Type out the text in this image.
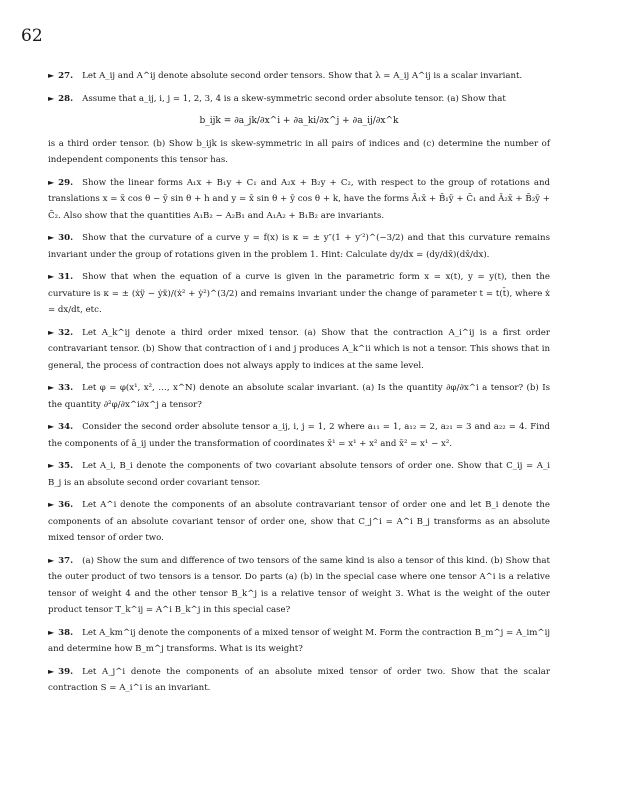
62
► 27. Let A_ij and A^ij denote absolute second order tensors. Show that λ = A_ij A^ij is a scalar invariant.
► 28. Assume that a_ij, i, j = 1, 2, 3, 4 is a skew-symmetric second order absolute tensor. (a) Show that
b_ijk = ∂a_jk/∂x^i + ∂a_ki/∂x^j + ∂a_ij/∂x^k
is a third order tensor. (b) Show b_ijk is skew-symmetric in all pairs of indices and (c) determine the number of independent components this tensor has.
► 29. Show the linear forms A₁x + B₁y + C₁ and A₂x + B₂y + C₂, with respect to the group of rotations and translations x = x̄ cos θ − ȳ sin θ + h and y = x̄ sin θ + ȳ cos θ + k, have the forms Ā₁x̄ + B̄₁ȳ + C̄₁ and Ā₂x̄ + B̄₂ȳ + C̄₂. Also show that the quantities A₁B₂ − A₂B₁ and A₁A₂ + B₁B₂ are invariants.
► 30. Show that the curvature of a curve y = f(x) is κ = ± y″(1 + y′²)^(−3/2) and that this curvature remains invariant under the group of rotations given in the problem 1. Hint: Calculate dy/dx = (dy/dx̄)(dx̄/dx).
► 31. Show that when the equation of a curve is given in the parametric form x = x(t), y = y(t), then the curvature is κ = ± (ẋÿ − ẏẍ)/(ẋ² + ẏ²)^(3/2) and remains invariant under the change of parameter t = t(t̄), where ẋ = dx/dt, etc.
► 32. Let A_k^ij denote a third order mixed tensor. (a) Show that the contraction A_i^ij is a first order contravariant tensor. (b) Show that contraction of i and j produces A_k^ii which is not a tensor. This shows that in general, the process of contraction does not always apply to indices at the same level.
► 33. Let φ = φ(x¹, x², …, x^N) denote an absolute scalar invariant. (a) Is the quantity ∂φ/∂x^i a tensor? (b) Is the quantity ∂²φ/∂x^i∂x^j a tensor?
► 34. Consider the second order absolute tensor a_ij, i, j = 1, 2 where a₁₁ = 1, a₁₂ = 2, a₂₁ = 3 and a₂₂ = 4. Find the components of ā_ij under the transformation of coordinates x̄¹ = x¹ + x² and x̄² = x¹ − x².
► 35. Let A_i, B_i denote the components of two covariant absolute tensors of order one. Show that C_ij = A_i B_j is an absolute second order covariant tensor.
► 36. Let A^i denote the components of an absolute contravariant tensor of order one and let B_i denote the components of an absolute covariant tensor of order one, show that C_j^i = A^i B_j transforms as an absolute mixed tensor of order two.
► 37. (a) Show the sum and difference of two tensors of the same kind is also a tensor of this kind. (b) Show that the outer product of two tensors is a tensor. Do parts (a) (b) in the special case where one tensor A^i is a relative tensor of weight 4 and the other tensor B_k^j is a relative tensor of weight 3. What is the weight of the outer product tensor T_k^ij = A^i B_k^j in this special case?
► 38. Let A_km^ij denote the components of a mixed tensor of weight M. Form the contraction B_m^j = A_im^ij and determine how B_m^j transforms. What is its weight?
► 39. Let A_j^i denote the components of an absolute mixed tensor of order two. Show that the scalar contraction S = A_i^i is an invariant.
